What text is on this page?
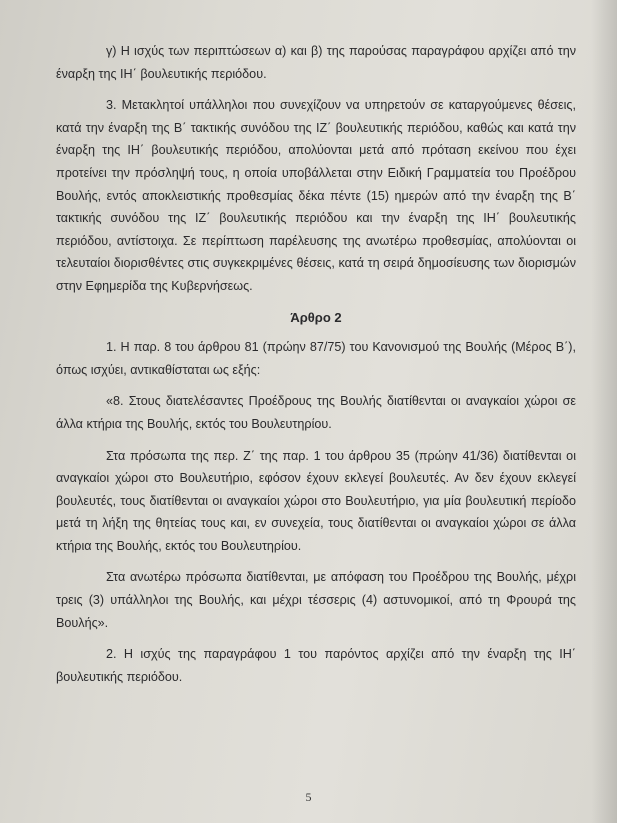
γ) Η ισχύς των περιπτώσεων α) και β) της παρούσας παραγράφου αρχίζει από την έναρξη της ΙΗ΄ βουλευτικής περιόδου.

3. Μετακλητοί υπάλληλοι που συνεχίζουν να υπηρετούν σε καταργούμενες θέσεις, κατά την έναρξη της Β΄ τακτικής συνόδου της ΙΖ΄ βουλευτικής περιόδου, καθώς και κατά την έναρξη της ΙΗ΄ βουλευτικής περιόδου, απολύονται μετά από πρόταση εκείνου που έχει προτείνει την πρόσληψή τους, η οποία υποβάλλεται στην Ειδική Γραμματεία του Προέδρου Βουλής, εντός αποκλειστικής προθεσμίας δέκα πέντε (15) ημερών από την έναρξη της Β΄ τακτικής συνόδου της ΙΖ΄ βουλευτικής περιόδου και την έναρξη της ΙΗ΄ βουλευτικής περιόδου, αντίστοιχα. Σε περίπτωση παρέλευσης της ανωτέρω προθεσμίας, απολύονται οι τελευταίοι διορισθέντες στις συγκεκριμένες θέσεις, κατά τη σειρά δημοσίευσης των διορισμών στην Εφημερίδα της Κυβερνήσεως.

Άρθρο 2

1. Η παρ. 8 του άρθρου 81 (πρώην 87/75) του Κανονισμού της Βουλής (Μέρος Β΄), όπως ισχύει, αντικαθίσταται ως εξής:

«8. Στους διατελέσαντες Προέδρους της Βουλής διατίθενται οι αναγκαίοι χώροι σε άλλα κτήρια της Βουλής, εκτός του Βουλευτηρίου.

Στα πρόσωπα της περ. Ζ΄ της παρ. 1 του άρθρου 35 (πρώην 41/36) διατίθενται οι αναγκαίοι χώροι στο Βουλευτήριο, εφόσον έχουν εκλεγεί βουλευτές. Αν δεν έχουν εκλεγεί βουλευτές, τους διατίθενται οι αναγκαίοι χώροι στο Βουλευτήριο, για μία βουλευτική περίοδο μετά τη λήξη της θητείας τους και, εν συνεχεία, τους διατίθενται οι αναγκαίοι χώροι σε άλλα κτήρια της Βουλής, εκτός του Βουλευτηρίου.

Στα ανωτέρω πρόσωπα διατίθενται, με απόφαση του Προέδρου της Βουλής, μέχρι τρεις (3) υπάλληλοι της Βουλής, και μέχρι τέσσερις (4) αστυνομικοί, από τη Φρουρά της Βουλής».

2. Η ισχύς της παραγράφου 1 του παρόντος αρχίζει από την έναρξη της ΙΗ΄ βουλευτικής περιόδου.

5
